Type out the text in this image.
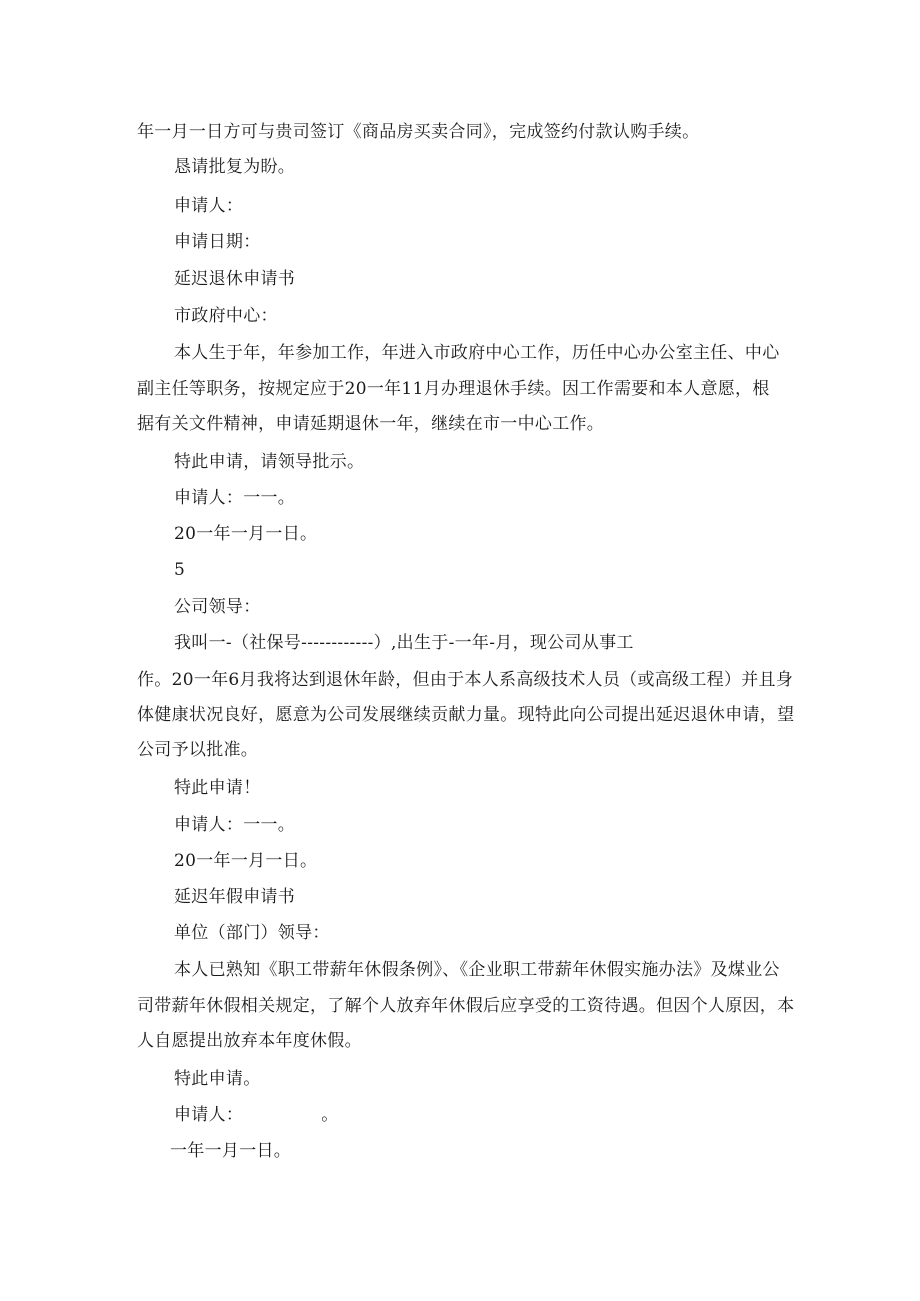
年一月一日方可与贵司签订《商品房买卖合同》，完成签约付款认购手续。
恳请批复为盼。
申请人：
申请日期：
延迟退休申请书
市政府中心：
本人生于年，年参加工作，年进入市政府中心工作，历任中心办公室主任、中心
副主任等职务，按规定应于20一年11月办理退休手续。因工作需要和本人意愿，根
据有关文件精神，申请延期退休一年，继续在市一中心工作。
特此申请，请领导批示。
申请人：一一。
20一年一月一日。
5
公司领导：
我叫一-（社保号------------）,出生于-一年-月，现公司从事工
作。20一年6月我将达到退休年龄，但由于本人系高级技术人员（或高级工程）并且身
体健康状况良好，愿意为公司发展继续贡献力量。现特此向公司提出延迟退休申请，望
公司予以批准。
特此申请！
申请人：一一。
20一年一月一日。
延迟年假申请书
单位（部门）领导：
本人已熟知《职工带薪年休假条例》、《企业职工带薪年休假实施办法》及煤业公
司带薪年休假相关规定，了解个人放弃年休假后应享受的工资待遇。但因个人原因，本
人自愿提出放弃本年度休假。
特此申请。
申请人：　　　　　。
一年一月一日。
